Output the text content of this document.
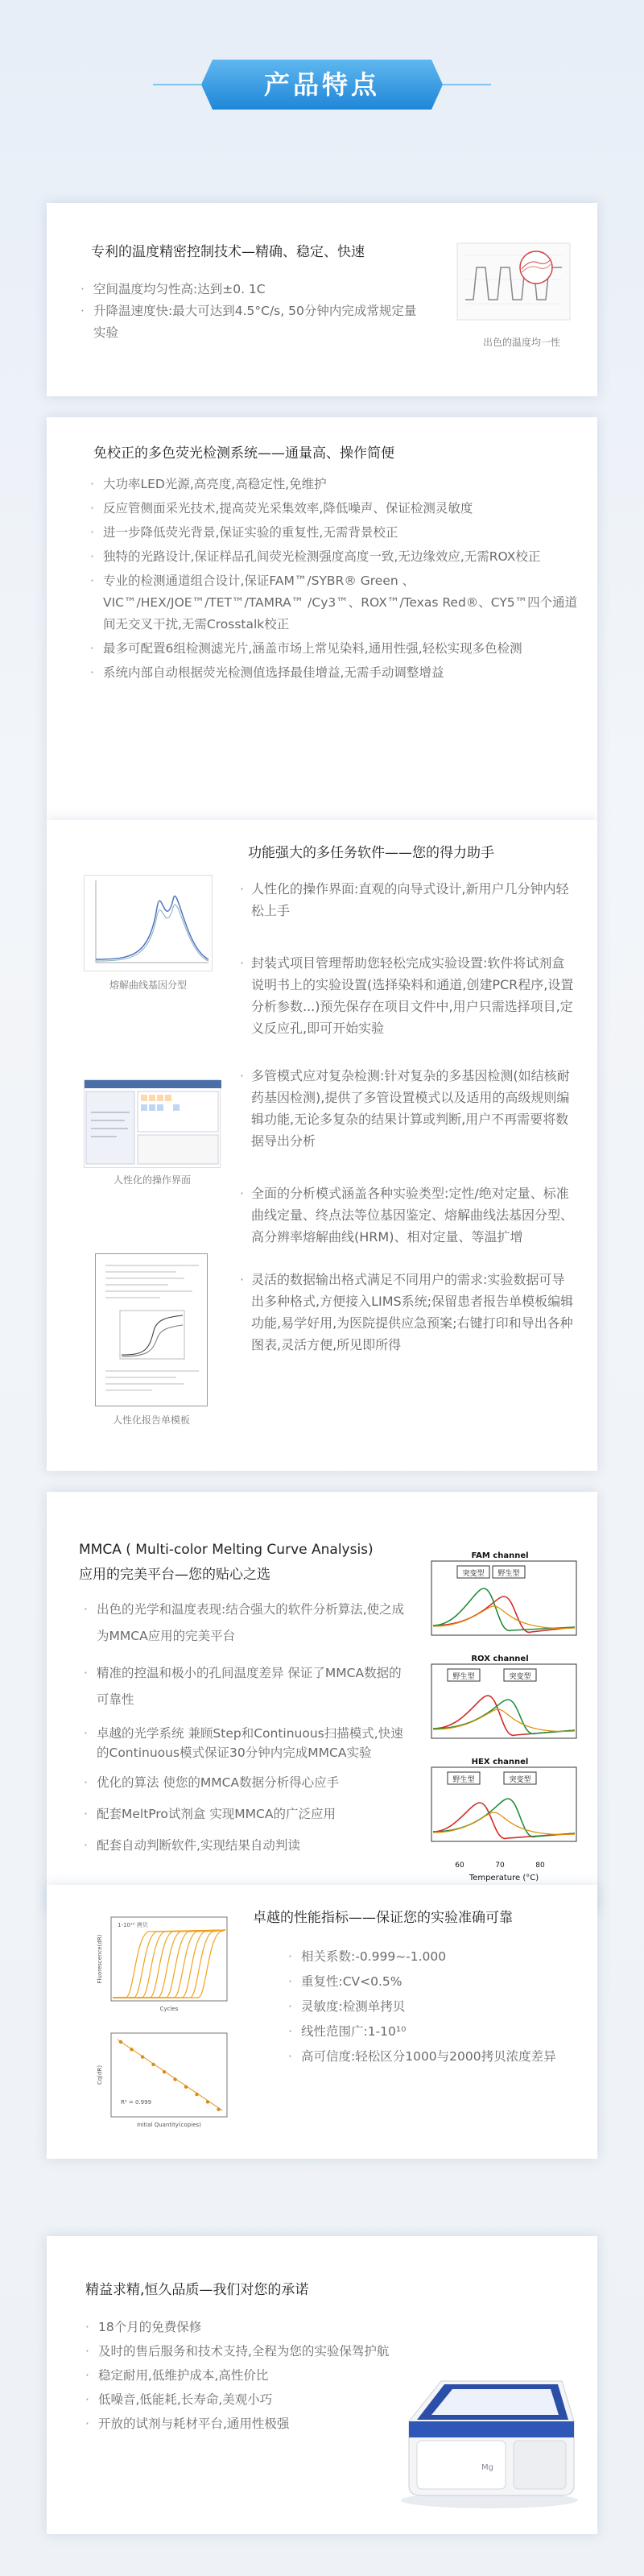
产品特点
专利的温度精密控制技术—精确、稳定、快速
· 空间温度均匀性高:达到±0. 1C
· 升降温速度快:最大可达到4.5°C/s, 50分钟内完成常规定量实验
出色的温度均一性
免校正的多色荧光检测系统——通量高、操作简便
· 大功率LED光源,高亮度,高稳定性,免维护
· 反应管侧面采光技术,提高荧光采集效率,降低噪声、保证检测灵敏度
· 进一步降低荧光背景,保证实验的重复性,无需背景校正
· 独特的光路设计,保证样品孔间荧光检测强度高度一致,无边缘效应,无需ROX校正
· 专业的检测通道组合设计,保证FAM™/SYBR® Green 、VIC™/HEX/JOE™/TET™/TAMRA™ /Cy3™、ROX™/Texas Red®、CY5™四个通道间无交叉干扰,无需Crosstalk校正
· 最多可配置6组检测滤光片,涵盖市场上常见染料,通用性强,轻松实现多色检测
· 系统内部自动根据荧光检测值选择最佳增益,无需手动调整增益
功能强大的多任务软件——您的得力助手
熔解曲线基因分型
人性化的操作界面
人性化报告单模板
· 人性化的操作界面:直观的向导式设计,新用户几分钟内轻松上手
· 封装式项目管理帮助您轻松完成实验设置:软件将试剂盒说明书上的实验设置(选择染料和通道,创建PCR程序,设置分析参数...)预先保存在项目文件中,用户只需选择项目,定义反应孔,即可开始实验
· 多管模式应对复杂检测:针对复杂的多基因检测(如结核耐药基因检测),提供了多管设置模式以及适用的高级规则编辑功能,无论多复杂的结果计算或判断,用户不再需要将数据导出分析
· 全面的分析模式涵盖各种实验类型:定性/绝对定量、标准曲线定量、终点法等位基因鉴定、熔解曲线法基因分型、高分辨率熔解曲线(HRM)、相对定量、等温扩增
· 灵活的数据输出格式满足不同用户的需求:实验数据可导出多种格式,方便接入LIMS系统;保留患者报告单模板编辑功能,易学好用,为医院提供应急预案;右键打印和导出各种图表,灵活方便,所见即所得
MMCA ( Multi-color Melting Curve Analysis)
应用的完美平台—您的贴心之选
· 出色的光学和温度表现:结合强大的软件分析算法,使之成为MMCA应用的完美平台
· 精准的控温和极小的孔间温度差异 保证了MMCA数据的可靠性
· 卓越的光学系统 兼顾Step和Continuous扫描模式,快速的Continuous模式保证30分钟内完成MMCA实验
· 优化的算法 使您的MMCA数据分析得心应手
· 配套MeltPro试剂盒 实现MMCA的广泛应用
· 配套自动判断软件,实现结果自动判读
FAM channel
突变型 野生型
ROX channel
野生型	突变型
HEX channel
野生型	突变型
60	70	80
Temperature (°C)
卓越的性能指标——保证您的实验准确可靠
1-10¹⁰ 拷贝
Cycles
Fluorescence(dR)
R² = 0.999
Initial Quantity(copies)
Cq(dR)
· 相关系数:-0.999~-1.000
· 重复性:CV<0.5%
· 灵敏度:检测单拷贝
· 线性范围广:1-10¹⁰
· 高可信度:轻松区分1000与2000拷贝浓度差异
精益求精,恒久品质—我们对您的承诺
· 18个月的免费保修
· 及时的售后服务和技术支持,全程为您的实验保驾护航
· 稳定耐用,低维护成本,高性价比
· 低噪音,低能耗,长寿命,美观小巧
· 开放的试剂与耗材平台,通用性极强
Mg
